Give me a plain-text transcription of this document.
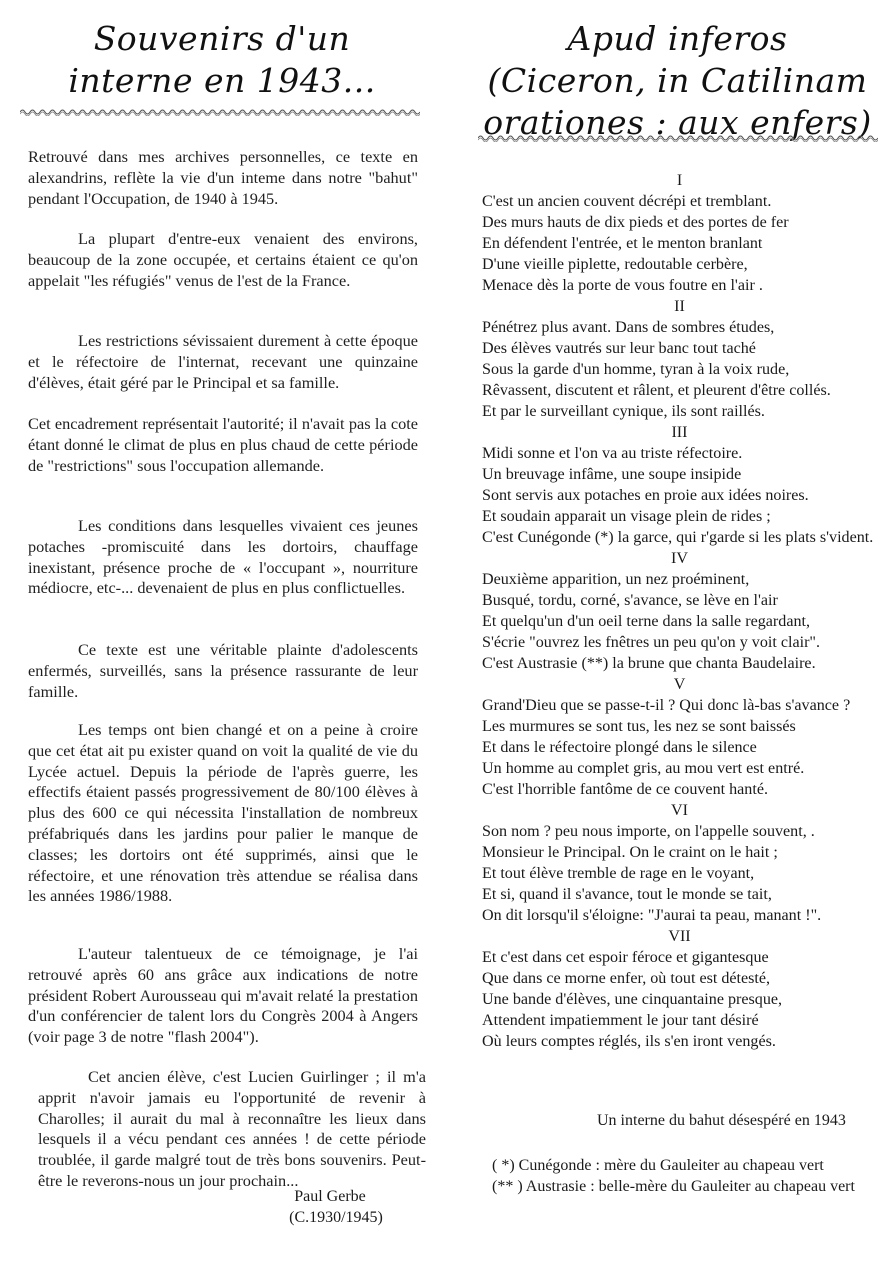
Souvenirs d'un
interne en 1943...

Retrouvé dans mes archives personnelles, ce texte en alexandrins, reflète la vie d'un inteme dans notre "bahut" pendant l'Occupation, de 1940 à 1945.

La plupart d'entre-eux venaient des environs, beaucoup de la zone occupée, et certains étaient ce qu'on appelait "les réfugiés" venus de l'est de la France.

Les restrictions sévissaient durement à cette époque et le réfectoire de l'internat, recevant une quinzaine d'élèves, était géré par le Principal et sa famille.

Cet encadrement représentait l'autorité; il n'avait pas la cote étant donné le climat de plus en plus chaud de cette période de "restrictions" sous l'occupation allemande.

Les conditions dans lesquelles vivaient ces jeunes potaches -promiscuité dans les dortoirs, chauffage inexistant, présence proche de « l'occupant », nourriture médiocre, etc-... devenaient de plus en plus conflictuelles.

Ce texte est une véritable plainte d'adolescents enfermés, surveillés, sans la présence rassurante de leur famille.

Les temps ont bien changé et on a peine à croire que cet état ait pu exister quand on voit la qualité de vie du Lycée actuel. Depuis la période de l'après guerre, les effectifs étaient passés progressivement de 80/100 élèves à plus des 600 ce qui nécessita l'installation de nombreux préfabriqués dans les jardins pour palier le manque de classes; les dortoirs ont été supprimés, ainsi que le réfectoire, et une rénovation très attendue se réalisa dans les années 1986/1988.

L'auteur talentueux de ce témoignage, je l'ai retrouvé après 60 ans grâce aux indications de notre président Robert Aurousseau qui m'avait relaté la prestation d'un conférencier de talent lors du Congrès 2004 à Angers (voir page 3 de notre "flash 2004").

Cet ancien élève, c'est Lucien Guirlinger ; il m'a apprit n'avoir jamais eu l'opportunité de revenir à Charolles; il aurait du mal à reconnaître les lieux dans lesquels il a vécu pendant ces années ! de cette période troublée, il garde malgré tout de très bons souvenirs. Peut-être le reverons-nous un jour prochain...

Paul Gerbe
(C.1930/1945)
Apud inferos
(Ciceron, in Catilinam
orationes : aux enfers)
I
C'est un ancien couvent décrépi et tremblant.
Des murs hauts de dix pieds et des portes de fer
En défendent l'entrée, et le menton branlant
D'une vieille piplette, redoutable cerbère,
Menace dès la porte de vous foutre en l'air .
II
Pénétrez plus avant. Dans de sombres études,
Des élèves vautrés sur leur banc tout taché
Sous la garde d'un homme, tyran à la voix rude,
Rêvassent, discutent et râlent, et pleurent d'être collés.
Et par le surveillant cynique, ils sont raillés.
III
Midi sonne et l'on va au triste réfectoire.
Un breuvage infâme, une soupe insipide
Sont servis aux potaches en proie aux idées noires.
Et soudain apparait un visage plein de rides ;
C'est Cunégonde (*) la garce, qui r'garde si les plats s'vident.
IV
Deuxième apparition, un nez proéminent,
Busqué, tordu, corné, s'avance, se lève en l'air
Et quelqu'un d'un oeil terne dans la salle regardant,
S'écrie "ouvrez les fnêtres un peu qu'on y voit clair".
C'est Austrasie (**) la brune que chanta Baudelaire.
V
Grand'Dieu que se passe-t-il ? Qui donc là-bas s'avance ?
Les murmures se sont tus, les nez se sont baissés
Et dans le réfectoire plongé dans le silence
Un homme au complet gris, au mou vert est entré.
C'est l'horrible fantôme de ce couvent hanté.
VI
Son nom ? peu nous importe, on l'appelle souvent, .
Monsieur le Principal. On le craint on le hait ;
Et tout élève tremble de rage en le voyant,
Et si, quand il s'avance, tout le monde se tait,
On dit lorsqu'il s'éloigne: "J'aurai ta peau, manant !".
VII
Et c'est dans cet espoir féroce et gigantesque
Que dans ce morne enfer, où tout est détesté,
Une bande d'élèves, une cinquantaine presque,
Attendent impatiemment le jour tant désiré
Où leurs comptes réglés, ils s'en iront vengés.
Un interne du bahut désespéré en 1943
( *) Cunégonde : mère du Gauleiter au chapeau vert
(** ) Austrasie : belle-mère du Gauleiter au chapeau vert
